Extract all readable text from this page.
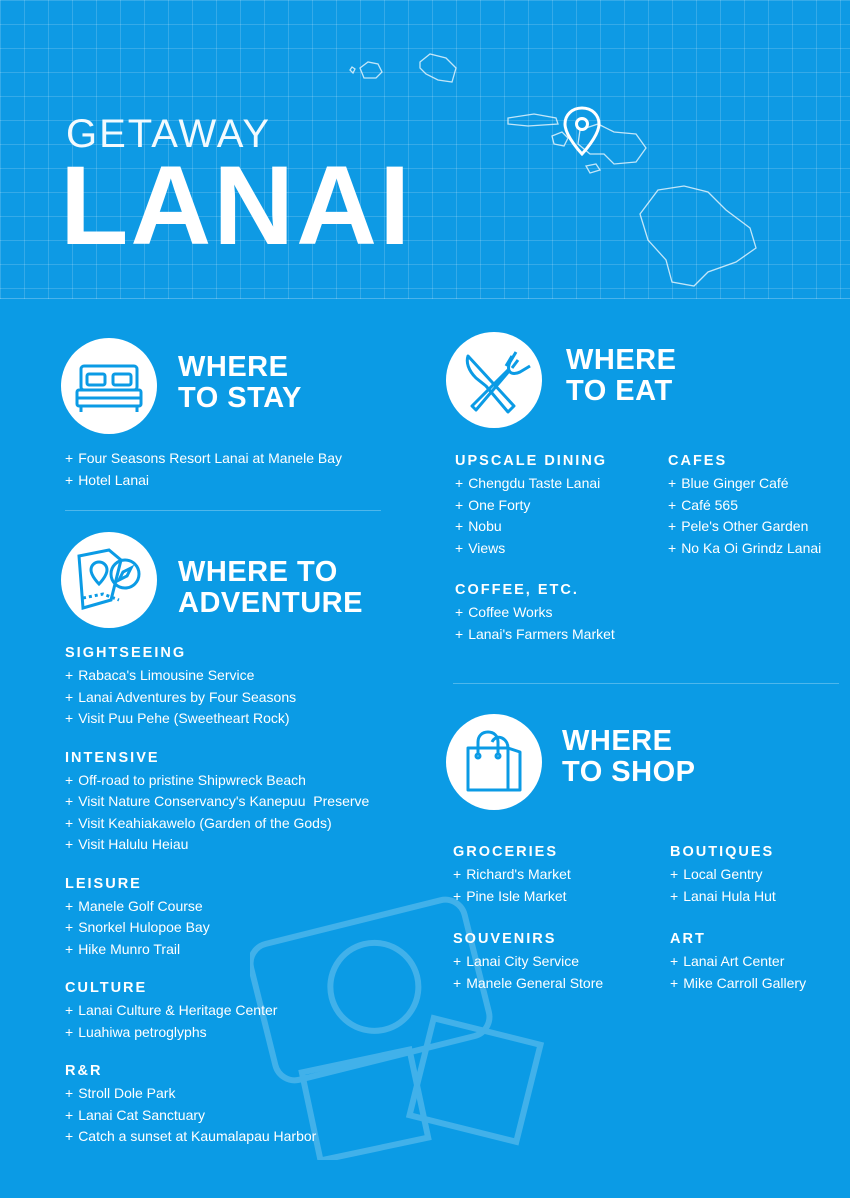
GETAWAY
LANAI
WHERE
TO STAY
+ Four Seasons Resort Lanai at Manele Bay
+ Hotel Lanai
WHERE TO
ADVENTURE
SIGHTSEEING
+ Rabaca's Limousine Service
+ Lanai Adventures by Four Seasons
+ Visit Puu Pehe (Sweetheart Rock)
INTENSIVE
+ Off-road to pristine Shipwreck Beach
+ Visit Nature Conservancy's Kanepuu  Preserve
+ Visit Keahiakawelo (Garden of the Gods)
+ Visit Halulu Heiau
LEISURE
+ Manele Golf Course
+ Snorkel Hulopoe Bay
+ Hike Munro Trail
CULTURE
+ Lanai Culture & Heritage Center
+ Luahiwa petroglyphs
R&R
+ Stroll Dole Park
+ Lanai Cat Sanctuary
+ Catch a sunset at Kaumalapau Harbor
WHERE
TO EAT
UPSCALE DINING
+ Chengdu Taste Lanai
+ One Forty
+ Nobu
+ Views
CAFES
+ Blue Ginger Café
+ Café 565
+ Pele's Other Garden
+ No Ka Oi Grindz Lanai
COFFEE, ETC.
+ Coffee Works
+ Lanai's Farmers Market
WHERE
TO SHOP
GROCERIES
+ Richard's Market
+ Pine Isle Market
BOUTIQUES
+ Local Gentry
+ Lanai Hula Hut
SOUVENIRS
+ Lanai City Service
+ Manele General Store
ART
+ Lanai Art Center
+ Mike Carroll Gallery
